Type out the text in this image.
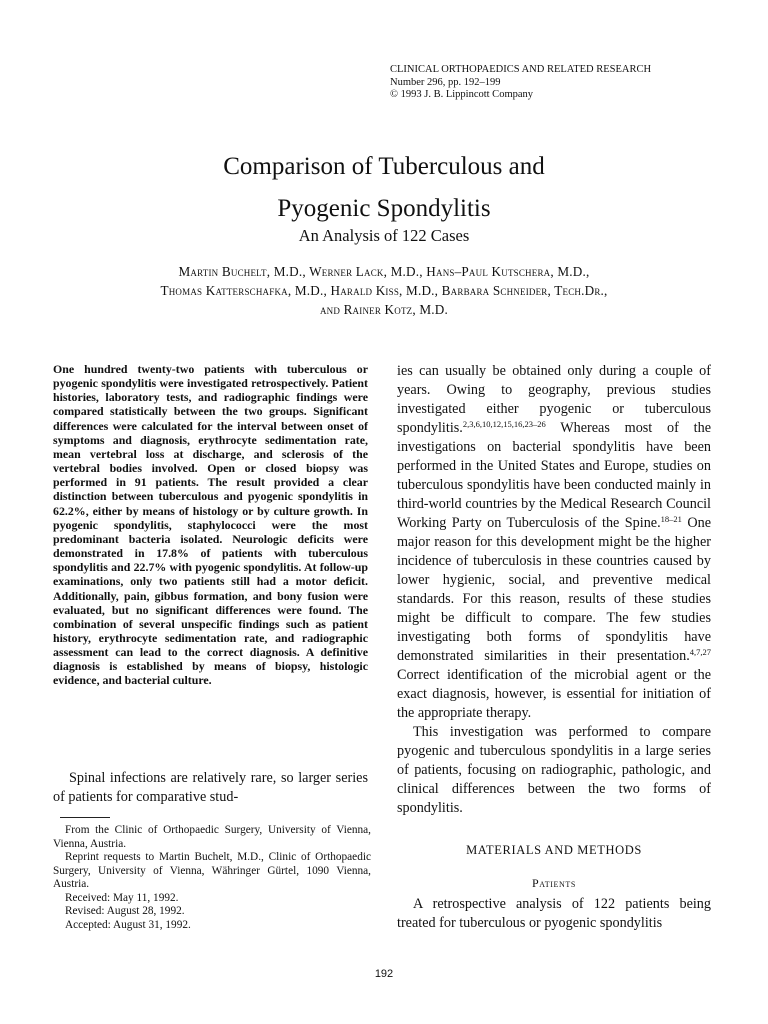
CLINICAL ORTHOPAEDICS AND RELATED RESEARCH
Number 296, pp. 192–199
© 1993 J. B. Lippincott Company
Comparison of Tuberculous and
Pyogenic Spondylitis
An Analysis of 122 Cases
Martin Buchelt, M.D., Werner Lack, M.D., Hans–Paul Kutschera, M.D.,
Thomas Katterschafka, M.D., Harald Kiss, M.D., Barbara Schneider, Tech.Dr.,
and Rainer Kotz, M.D.
One hundred twenty-two patients with tuberculous or pyogenic spondylitis were investigated retrospectively. Patient histories, laboratory tests, and radiographic findings were compared statistically between the two groups. Significant differences were calculated for the interval between onset of symptoms and diagnosis, erythrocyte sedimentation rate, mean vertebral loss at discharge, and sclerosis of the vertebral bodies involved. Open or closed biopsy was performed in 91 patients. The result provided a clear distinction between tuberculous and pyogenic spondylitis in 62.2%, either by means of histology or by culture growth. In pyogenic spondylitis, staphylococci were the most predominant bacteria isolated. Neurologic deficits were demonstrated in 17.8% of patients with tuberculous spondylitis and 22.7% with pyogenic spondylitis. At follow-up examinations, only two patients still had a motor deficit. Additionally, pain, gibbus formation, and bony fusion were evaluated, but no significant differences were found. The combination of several unspecific findings such as patient history, erythrocyte sedimentation rate, and radiographic assessment can lead to the correct diagnosis. A definitive diagnosis is established by means of biopsy, histologic evidence, and bacterial culture.
Spinal infections are relatively rare, so larger series of patients for comparative stud-

From the Clinic of Orthopaedic Surgery, University of Vienna, Vienna, Austria.

Reprint requests to Martin Buchelt, M.D., Clinic of Orthopaedic Surgery, University of Vienna, Währinger Gürtel, 1090 Vienna, Austria.

Received: May 11, 1992.

Revised: August 28, 1992.

Accepted: August 31, 1992.

ies can usually be obtained only during a couple of years. Owing to geography, previous studies investigated either pyogenic or tuberculous spondylitis.$^{2,3,6,10,12,15,16,23-26}$ Whereas most of the investigations on bacterial spondylitis have been performed in the United States and Europe, studies on tuberculous spondylitis have been conducted mainly in third-world countries by the Medical Research Council Working Party on Tuberculosis of the Spine.$^{18-21}$ One major reason for this development might be the higher incidence of tuberculosis in these countries caused by lower hygienic, social, and preventive medical standards. For this reason, results of these studies might be difficult to compare. The few studies investigating both forms of spondylitis have demonstrated similarities in their presentation.$^{4,7,27}$ Correct identification of the microbial agent or the exact diagnosis, however, is essential for initiation of the appropriate therapy.

This investigation was performed to compare pyogenic and tuberculous spondylitis in a large series of patients, focusing on radiographic, pathologic, and clinical differences between the two forms of spondylitis.

MATERIALS AND METHODS
Patients
A retrospective analysis of 122 patients being treated for tuberculous or pyogenic spondylitis
192
